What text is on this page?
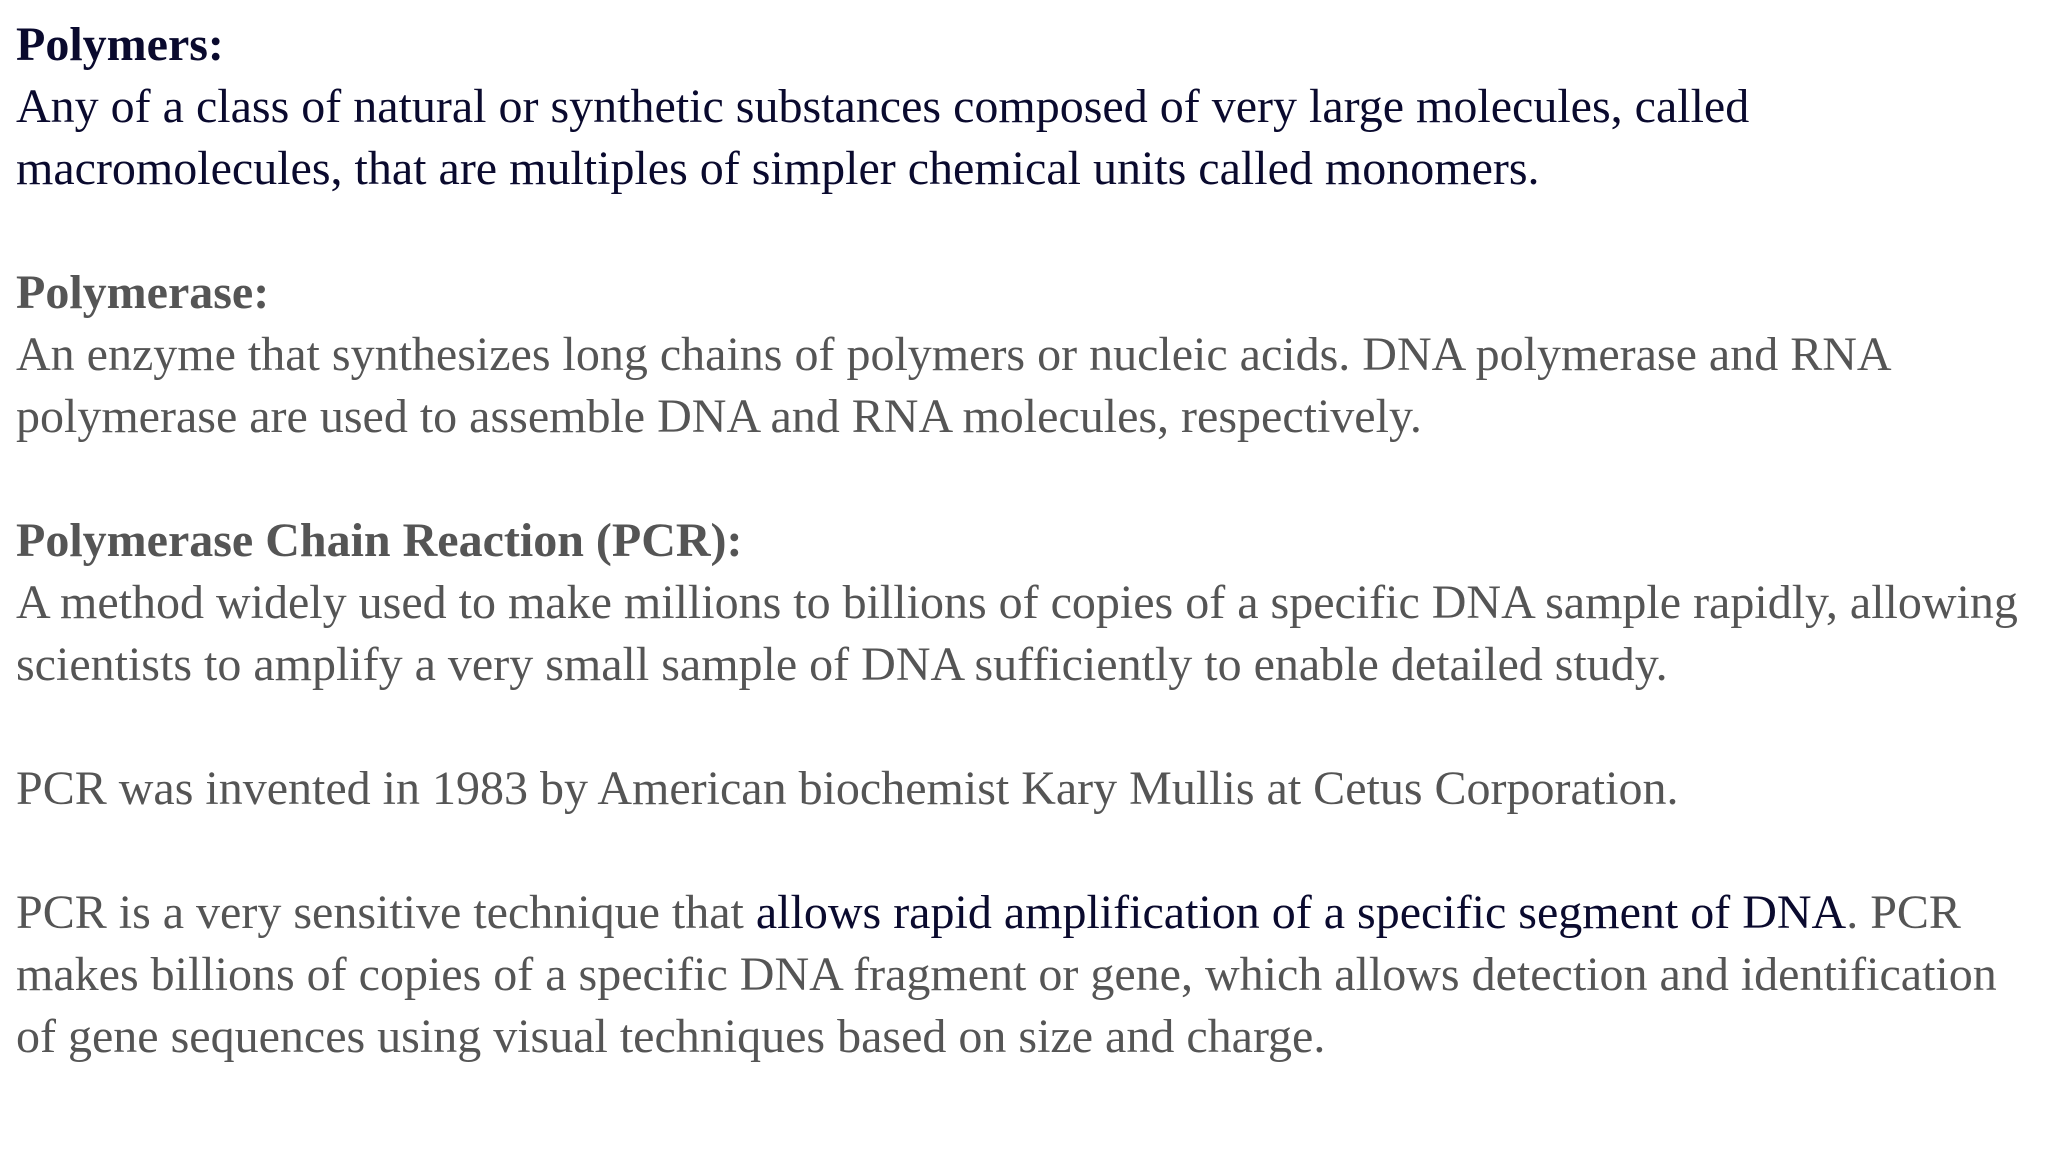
Polymers:

Any of a class of natural or synthetic substances composed of very large molecules, called macromolecules, that are multiples of simpler chemical units called monomers.

Polymerase:

An enzyme that synthesizes long chains of polymers or nucleic acids. DNA polymerase and RNA polymerase are used to assemble DNA and RNA molecules, respectively.

Polymerase Chain Reaction (PCR):

A method widely used to make millions to billions of copies of a specific DNA sample rapidly, allowing scientists to amplify a very small sample of DNA sufficiently to enable detailed study.

PCR was invented in 1983 by American biochemist Kary Mullis at Cetus Corporation.

PCR is a very sensitive technique that allows rapid amplification of a specific segment of DNA. PCR makes billions of copies of a specific DNA fragment or gene, which allows detection and identification of gene sequences using visual techniques based on size and charge.
